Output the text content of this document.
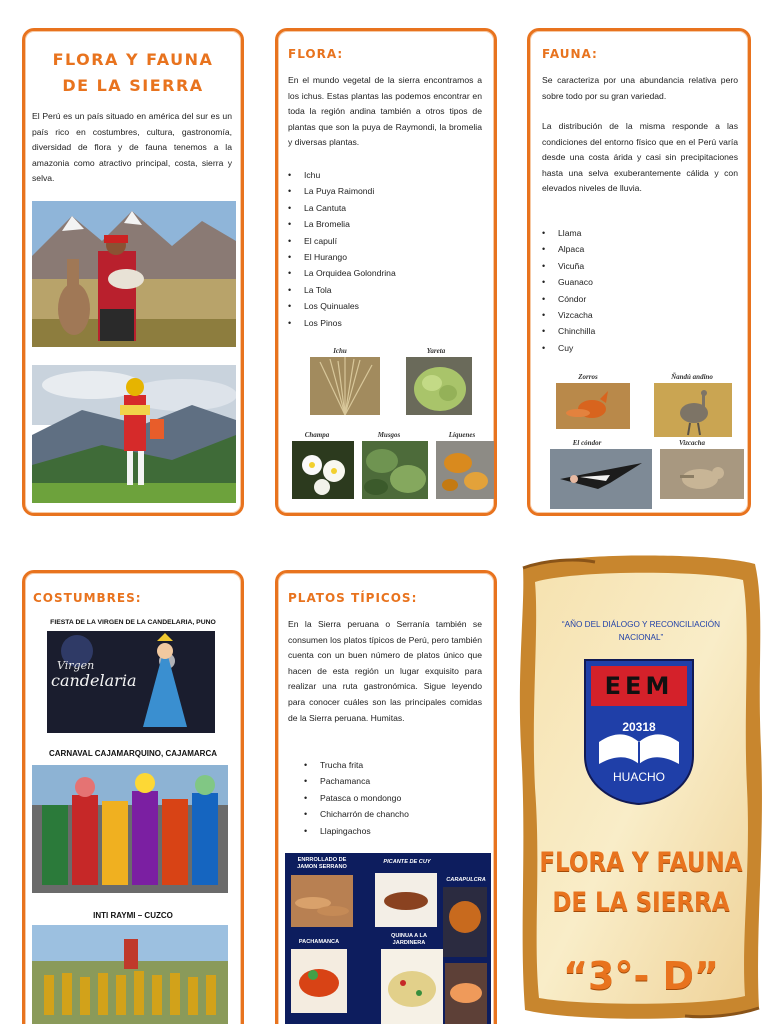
FLORA Y FAUNA
DE LA SIERRA
El Perú es un país situado en américa del sur es un país rico en costumbres, cultura, gastronomía, diversidad de flora y de fauna tenemos a la amazonia como atractivo principal, costa, sierra y selva.
FLORA:
En el mundo vegetal de la sierra encontramos a los ichus. Estas plantas las podemos encontrar en toda la región andina también a otros tipos de plantas que son la puya de Raymondi, la bromelia y diversas plantas.
• Ichu
• La Puya Raimondi
• La Cantuta
• La Bromelia
• El capulí
• El Hurango
• La Orquidea Golondrina
• La Tola
• Los Quinuales
• Los Pinos
Ichu	Yareta
Champa	Musgos	Líquenes
FAUNA:
Se caracteriza por una abundancia relativa pero sobre todo por su gran variedad.
La distribución de la misma responde a las condiciones del entorno físico que en el Perú varía desde una costa árida y casi sin precipitaciones hasta una selva exuberantemente cálida y con elevados niveles de lluvia.
• Llama
• Alpaca
• Vicuña
• Guanaco
• Cóndor
• Vizcacha
• Chinchilla
• Cuy
Zorros	Ñandú andino
El cóndor	Vizcacha
COSTUMBRES:
FIESTA DE LA VIRGEN DE LA CANDELARIA, PUNO
Virgen
candelaria
CARNAVAL CAJAMARQUINO, CAJAMARCA
INTI RAYMI – CUZCO
PLATOS TÍPICOS:
En la Sierra peruana o Serranía también se consumen los platos típicos de Perú, pero también cuenta con un buen número de platos único que hacen de esta región un lugar exquisito para realizar una ruta gastronómica. Sigue leyendo para conocer cuáles son las principales comidas de la Sierra peruana. Humitas.
• Trucha frita
• Pachamanca
• Patasca o mondongo
• Chicharrón de chancho
• Llapingachos
ENRROLLADO DE JAMON SERRANO
PICANTE DE CUY
CARAPULCRA
PACHAMANCA
QUINUA A LA JARDINERA
“AÑO DEL DIÁLOGO Y RECONCILIACIÓN NACIONAL”
EEM
20318
HUACHO
FLORA Y FAUNA
DE LA SIERRA
“3°- D”
